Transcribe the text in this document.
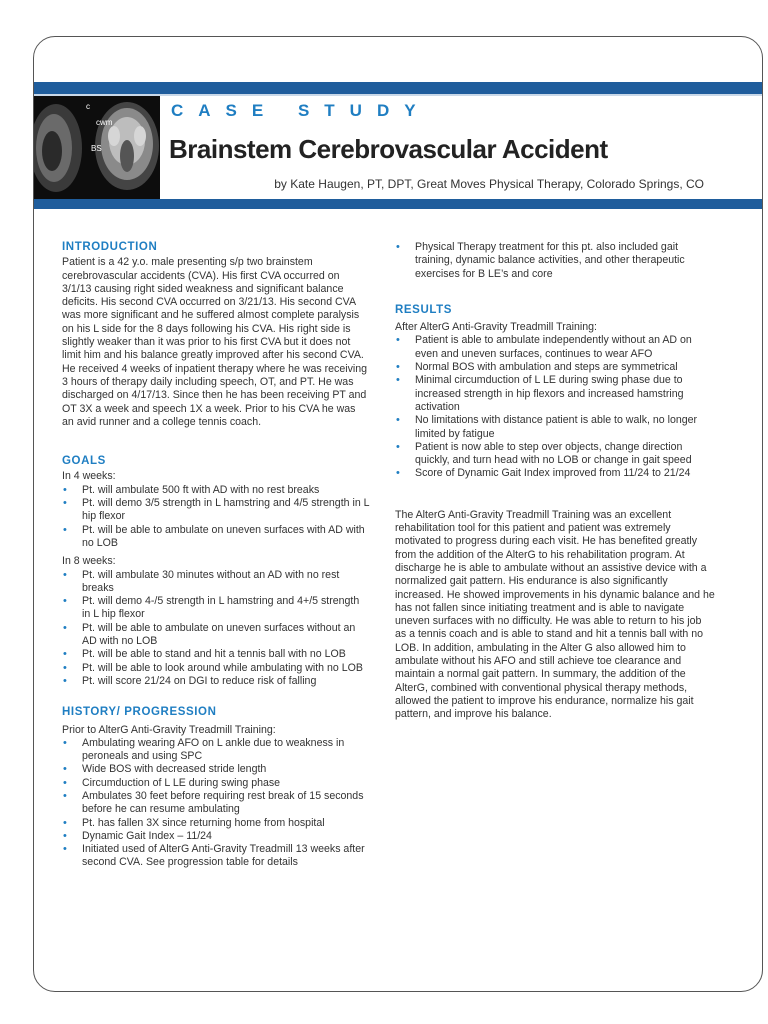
c
cwm
BS
CASE STUDY
Brainstem Cerebrovascular Accident

by Kate Haugen, PT, DPT, Great Moves Physical Therapy, Colorado Springs, CO

INTRODUCTION

Patient is a 42 y.o. male presenting s/p two brainstem cerebrovascular accidents (CVA). His first CVA occurred on 3/1/13 causing right sided weakness and significant balance deficits. His second CVA occurred on 3/21/13. His second CVA was more significant and he suffered almost complete paralysis on his L side for the 8 days following his CVA. His right side is slightly weaker than it was prior to his first CVA but it does not limit him and his balance greatly improved after his second CVA. He received 4 weeks of inpatient therapy where he was receiving 3 hours of therapy daily including speech, OT, and PT. He was discharged on 4/17/13. Since then he has been receiving PT and OT 3X a week and speech 1X a week. Prior to his CVA he was an avid runner and a college tennis coach.

GOALS

In 4 weeks:

• Pt. will ambulate 500 ft with AD with no rest breaks
• Pt. will demo 3/5 strength in L hamstring and 4/5 strength in L hip flexor
• Pt. will be able to ambulate on uneven surfaces with AD with no LOB

In 8 weeks:

• Pt. will ambulate 30 minutes without an AD with no rest breaks
• Pt. will demo 4-/5 strength in L hamstring and 4+/5 strength in L hip flexor
• Pt. will be able to ambulate on uneven surfaces without an AD with no LOB
• Pt. will be able to stand and hit a tennis ball with no LOB
• Pt. will be able to look around while ambulating with no LOB
• Pt. will score 21/24 on DGI to reduce risk of falling
HISTORY/ PROGRESSION

Prior to AlterG Anti-Gravity Treadmill Training:

• Ambulating wearing AFO on L ankle due to weakness in peroneals and using SPC
• Wide BOS with decreased stride length
• Circumduction of L LE during swing phase
• Ambulates 30 feet before requiring rest break of 15 seconds before he can resume ambulating
• Pt. has fallen 3X since returning home from hospital
• Dynamic Gait Index – 11/24
• Initiated used of AlterG Anti-Gravity Treadmill 13 weeks after second CVA. See progression table for details
• Physical Therapy treatment for this pt. also included gait training, dynamic balance activities, and other therapeutic exercises for B LE’s and core
RESULTS

After AlterG Anti-Gravity Treadmill Training:

• Patient is able to ambulate independently without an AD on even and uneven surfaces, continues to wear AFO
• Normal BOS with ambulation and steps are symmetrical
• Minimal circumduction of L LE during swing phase due to increased strength in hip flexors and increased hamstring activation
• No limitations with distance patient is able to walk, no longer limited by fatigue
• Patient is now able to step over objects, change direction quickly, and turn head with no LOB or change in gait speed
• Score of Dynamic Gait Index improved from 11/24 to 21/24

The AlterG Anti-Gravity Treadmill Training was an excellent rehabilitation tool for this patient and patient was extremely motivated to progress during each visit. He has benefited greatly from the addition of the AlterG to his rehabilitation program. At discharge he is able to ambulate without an assistive device with a normalized gait pattern. His endurance is also significantly increased. He showed improvements in his dynamic balance and he has not fallen since initiating treatment and is able to navigate uneven surfaces with no difficulty. He was able to return to his job as a tennis coach and is able to stand and hit a tennis ball with no LOB. In addition, ambulating in the Alter G also allowed him to ambulate without his AFO and still achieve toe clearance and maintain a normal gait pattern. In summary, the addition of the AlterG, combined with conventional physical therapy methods, allowed the patient to improve his endurance, normalize his gait pattern, and improve his balance.
